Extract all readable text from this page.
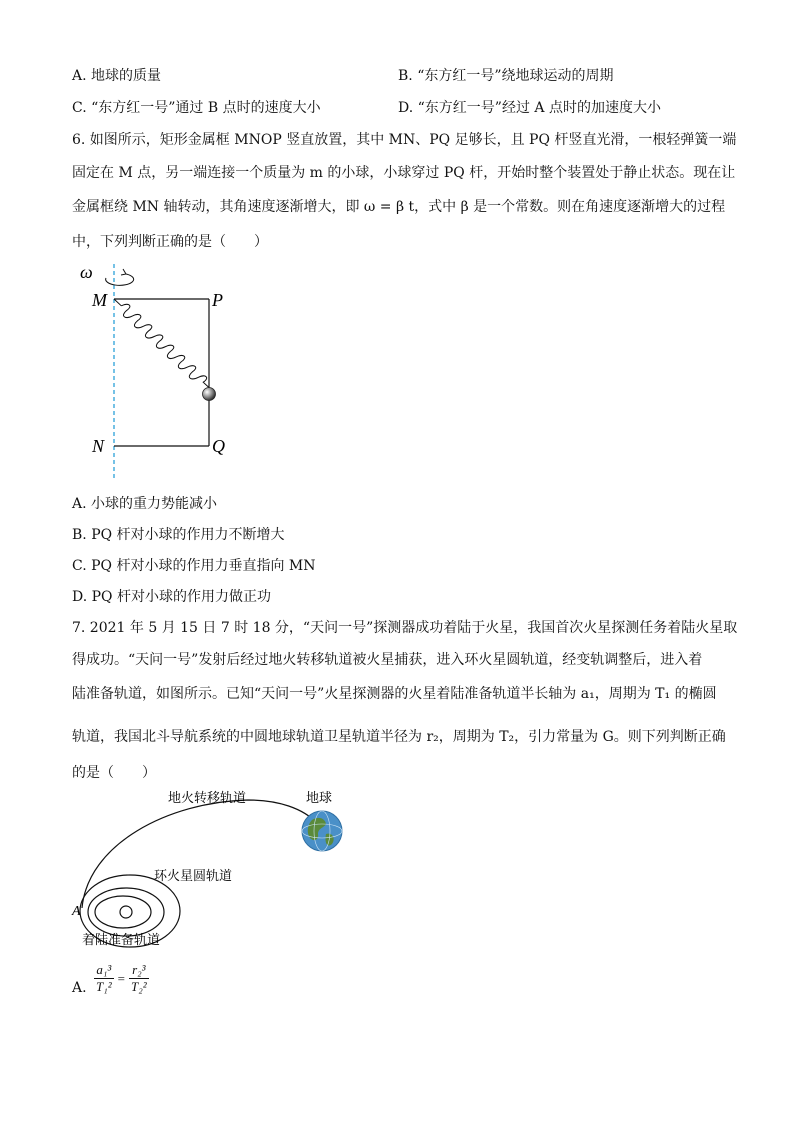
A. 地球的质量	B. “东方红一号”绕地球运动的周期
C. “东方红一号”通过 B 点时的速度大小	D. “东方红一号”经过 A 点时的加速度大小
6. 如图所示，矩形金属框 MNOP 竖直放置，其中 MN、PQ 足够长，且 PQ 杆竖直光滑，一根轻弹簧一端
固定在 M 点，另一端连接一个质量为 m 的小球，小球穿过 PQ 杆，开始时整个装置处于静止状态。现在让
金属框绕 MN 轴转动，其角速度逐渐增大，即 ω = β t，式中 β 是一个常数。则在角速度逐渐增大的过程
中，下列判断正确的是（　　）
ω
M	P
N	Q
A. 小球的重力势能减小
B. PQ 杆对小球的作用力不断增大
C. PQ 杆对小球的作用力垂直指向 MN
D. PQ 杆对小球的作用力做正功
7. 2021 年 5 月 15 日 7 时 18 分，“天问一号”探测器成功着陆于火星，我国首次火星探测任务着陆火星取
得成功。“天问一号”发射后经过地火转移轨道被火星捕获，进入环火星圆轨道，经变轨调整后，进入着
陆准备轨道，如图所示。已知“天问一号”火星探测器的火星着陆准备轨道半长轴为 a₁，周期为 T₁ 的椭圆
轨道，我国北斗导航系统的中圆地球轨道卫星轨道半径为 r₂，周期为 T₂，引力常量为 G。则下列判断正确
的是（　　）
地火转移轨道	地球
环火星圆轨道
A
着陆准备轨道
A.
a₁³
T₁²
=
r₂³
T₂²
